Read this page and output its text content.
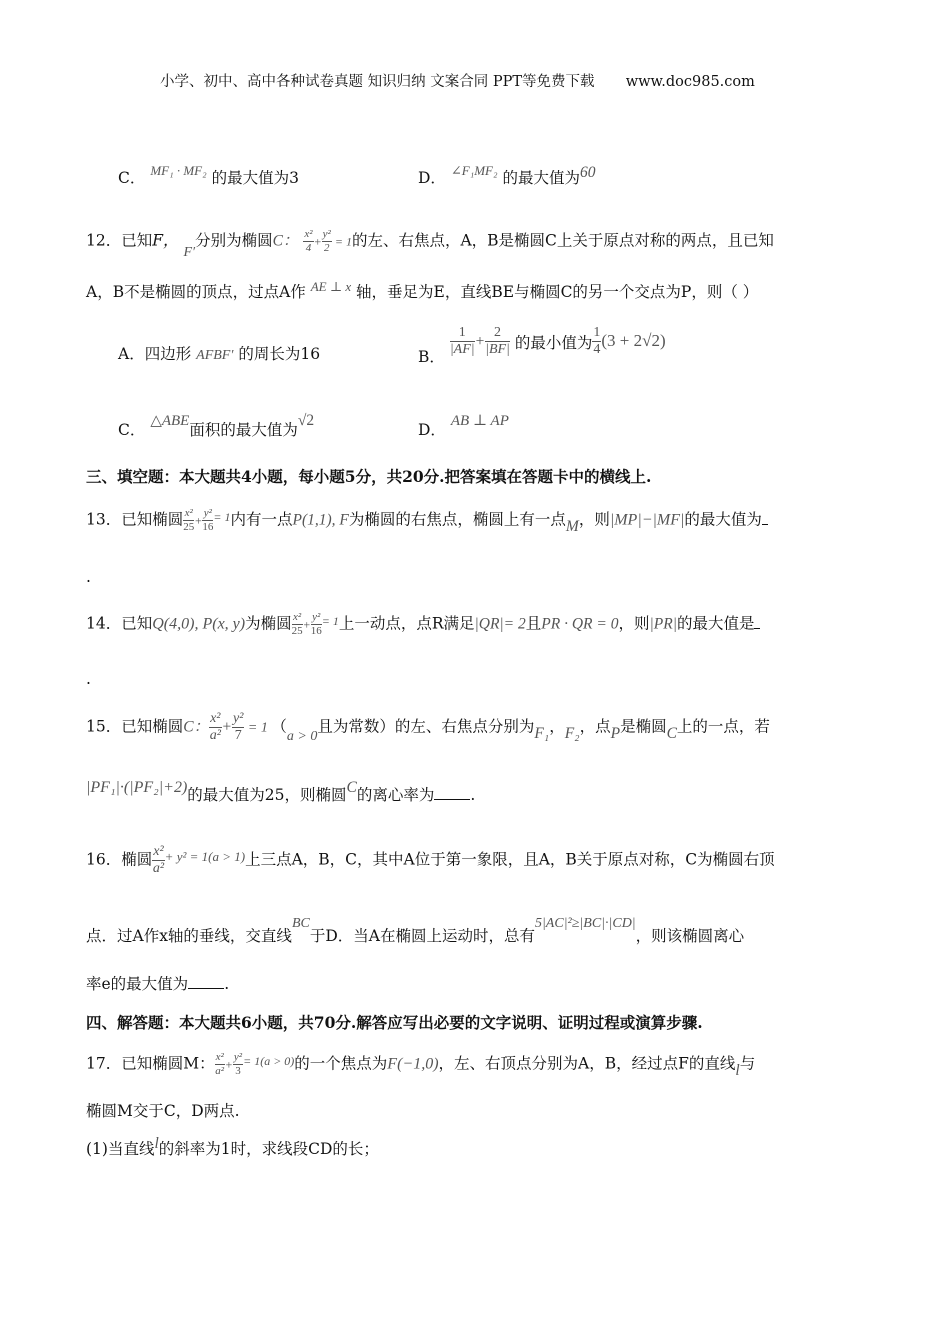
小学、初中、高中各种试卷真题 知识归纳 文案合同 PPT等免费下载 www.doc985.com
C． $^{MF_1 \cdot MF_2}$ 的最大值为3	D． $^{\angle F_1MF_2}$ 的最大值为60
12．已知F， F′分别为椭圆C： $\frac{\text{x²}}{4} + \frac{\text{y²}}{2} = 1$的左、右焦点，A，B是椭圆C上关于原点对称的两点，且已知
A，B不是椭圆的顶点，过点A作 $^{AE \perp x}$ 轴，垂足为E，直线BE与椭圆C的另一个交点为P，则（ ）
A．四边形 AFBF′ 的周长为16	B． $\frac{1}{|AF|} + \frac{2}{|BF|}$ 的最小值为 $\frac{1}{4} (3 + 2√2)$
C． △ABE面积的最大值为√2
D． AB ⊥ AP
三、填空题：本大题共4小题，每小题5分，共20分.把答案填在答题卡中的横线上.
13．已知椭圆 $\frac{\text{x²}}{25} + \frac{\text{y²}}{16} ^{= 1}$内有一点P(1,1), F为椭圆的右焦点，椭圆上有一点M，则|MP|−|MF|的最大值为
.
14．已知Q(4,0), P(x, y)为椭圆 $\frac{\text{x²}}{25} + \frac{\text{y²}}{16} ^{= 1}$上一动点，点R满足|QR|= 2且PR · QR = 0，则|PR|的最大值是
.
15．已知椭圆C： $\frac{\text{x²}}{\text{a²}} + \frac{\text{y²}}{7} = 1$ （a > 0且为常数）的左、右焦点分别为F₁，F₂，点P是椭圆C上的一点，若
|PF₁|·(|PF₂|+2)的最大值为25，则椭圆C的离心率为 .
16．椭圆 $\frac{\text{x²}}{\text{a²}} ^{+ y^2 = 1(a > 1)}$上三点A，B，C，其中A位于第一象限，且A，B关于原点对称，C为椭圆右顶
点．过A作x轴的垂线，交直线BC于D．当A在椭圆上运动时，总有5|AC|²≥|BC|·|CD|，则该椭圆离心
率e的最大值为 .
四、解答题：本大题共6小题，共70分.解答应写出必要的文字说明、证明过程或演算步骤.
17．已知椭圆M： $\frac{\text{x²}}{\text{a²}} + \frac{\text{y²}}{3} ^{= 1(a > 0)}$的一个焦点为F(−1,0)，左、右顶点分别为A，B，经过点F的直线l与
椭圆M交于C，D两点.
(1)当直线l的斜率为1时，求线段CD的长；
